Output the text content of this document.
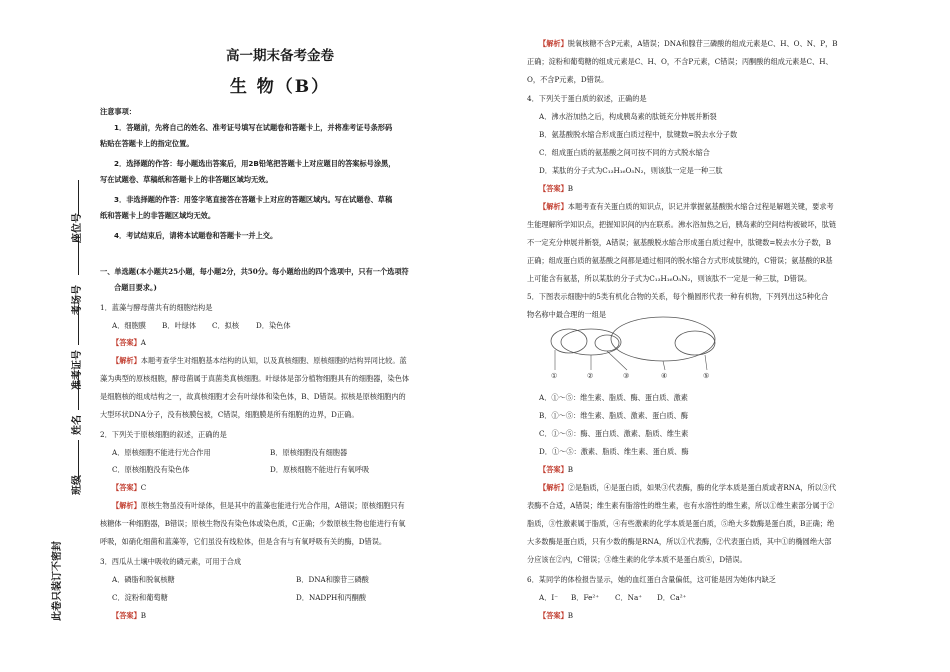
此卷只装订不密封
班级
姓名
准考证号
考场号
座位号
高一期末备考金卷
生 物（B）
注意事项：
1．答题前，先将自己的姓名、准考证号填写在试题卷和答题卡上，并将准考证号条形码
粘贴在答题卡上的指定位置。
2．选择题的作答：每小题选出答案后，用2B铅笔把答题卡上对应题目的答案标号涂黑，
写在试题卷、草稿纸和答题卡上的非答题区域均无效。
3．非选择题的作答：用签字笔直接答在答题卡上对应的答题区域内。写在试题卷、草稿
纸和答题卡上的非答题区域均无效。
4．考试结束后，请将本试题卷和答题卡一并上交。
一、单选题(本小题共25小题，每小题2分，共50分。每小题给出的四个选项中，只有一个选项符
合题目要求。)
1．蓝藻与酵母菌共有的细胞结构是
A．细胞膜 B．叶绿体 C．拟核 D．染色体
【答案】A
【解析】本题考查学生对细胞基本结构的认知，以及真核细胞、原核细胞的结构异同比较。蓝
藻为典型的原核细胞，酵母菌属于真菌类真核细胞。叶绿体是部分植物细胞具有的细胞器，染色体
是细胞核的组成结构之一，故真核细胞才会有叶绿体和染色体，B、D错误。拟核是原核细胞内的
大型环状DNA分子，没有核膜包被，C错误，细胞膜是所有细胞的边界，D正确。
2．下列关于原核细胞的叙述，正确的是
A．原核细胞不能进行光合作用	B．原核细胞没有细胞器
C．原核细胞没有染色体	D．原核细胞不能进行有氧呼吸
【答案】C
【解析】原核生物虽没有叶绿体，但是其中的蓝藻也能进行光合作用，A错误；原核细胞只有
核糖体一种细胞器，B错误；原核生物没有染色体或染色质，C正确；少数原核生物也能进行有氧
呼吸，如硝化细菌和蓝藻等，它们虽没有线粒体，但是含有与有氧呼吸有关的酶，D错误。
3．西瓜从土壤中吸收的磷元素，可用于合成
A．磷脂和脱氧核糖	B．DNA和腺苷三磷酸
C．淀粉和葡萄糖	D．NADPH和丙酮酸
【答案】B
【解析】脱氧核糖不含P元素，A错误；DNA和腺苷三磷酸的组成元素是C、H、O、N、P，B
正确；淀粉和葡萄糖的组成元素是C、H、O，不含P元素，C错误；丙酮酸的组成元素是C、H、
O，不含P元素，D错误。
4．下列关于蛋白质的叙述，正确的是
A．沸水浴加热之后，构成胰岛素的肽链充分伸展并断裂
B．氨基酸脱水缩合形成蛋白质过程中，肽键数=脱去水分子数
C．组成蛋白质的氨基酸之间可按不同的方式脱水缩合
D．某肽的分子式为C₁₃H₁₆O₅N₂，则该肽一定是一种三肽
【答案】B
【解析】本题考查有关蛋白质的知识点，识记并掌握氨基酸脱水缩合过程是解题关键，要求考
生能理解所学知识点，把握知识间的内在联系。沸水浴加热之后，胰岛素的空间结构被破坏，肽链
不一定充分伸展并断裂，A错误；氨基酸脱水缩合形成蛋白质过程中，肽键数=脱去水分子数，B
正确；组成蛋白质的氨基酸之间都是通过相同的脱水缩合方式形成肽键的，C错误；氨基酸的R基
上可能含有氨基，所以某肽的分子式为C₁₃H₁₆O₅N₂，则该肽不一定是一种三肽，D错误。
5．下图表示细胞中的5类有机化合物的关系，每个椭圆形代表一种有机物，下列列出这5种化合
物名称中最合理的一组是
①	②	③	④	⑤
A．①～⑤：维生素、脂质、酶、蛋白质、激素
B．①～⑤：维生素、脂质、激素、蛋白质、酶
C．①～⑤：酶、蛋白质、激素、脂质、维生素
D．①～⑤：激素、脂质、维生素、蛋白质、酶
【答案】B
【解析】②是脂质，④是蛋白质，如果③代表酶，酶的化学本质是蛋白质或者RNA，所以③代
表酶不合适，A错误；维生素有脂溶性的维生素，也有水溶性的维生素，所以①维生素部分属于②
脂质，③性激素属于脂质，④有些激素的化学本质是蛋白质，⑤绝大多数酶是蛋白质，B正确；绝
大多数酶是蛋白质，只有少数的酶是RNA，所以①代表酶，②代表蛋白质，其中①的椭圆绝大部
分应该在②内，C错误；③维生素的化学本质不是蛋白质④，D错误。
6．某同学的体检报告显示，她的血红蛋白含量偏低，这可能是因为她体内缺乏
A．I⁻ B．Fe²⁺ C．Na⁺ D．Ca²⁺
【答案】B
